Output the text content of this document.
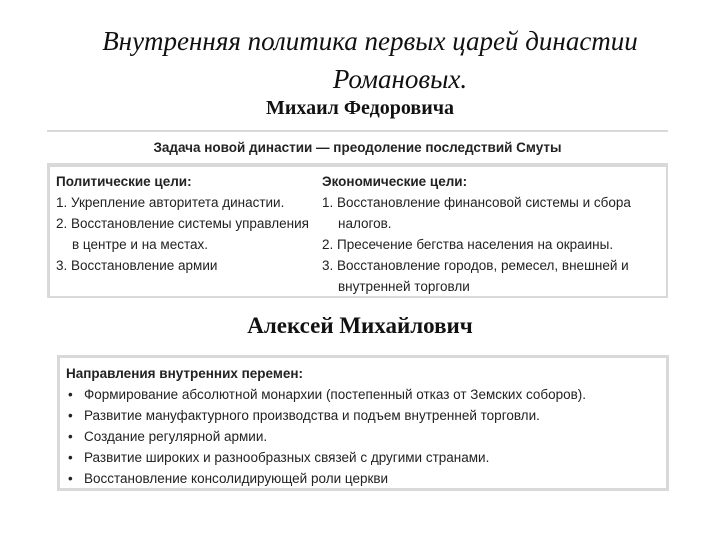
Внутренняя политика первых царей династии
Романовых.
Михаил Федоровича
Задача новой династии — преодоление последствий Смуты
Политические цели:
1. Укрепление авторитета династии.
2. Восстановление системы управления в центре и на местах.
3. Восстановление армии
Экономические цели:
1. Восстановление финансовой системы и сбора налогов.
2. Пресечение бегства населения на окраины.
3. Восстановление городов, ремесел, внешней и внутренней торговли
Алексей Михайлович
Направления внутренних перемен:
• Формирование абсолютной монархии (постепенный отказ от Земских соборов).
• Развитие мануфактурного производства и подъем внутренней торговли.
• Создание регулярной армии.
• Развитие широких и разнообразных связей с другими странами.
• Восстановление консолидирующей роли церкви
